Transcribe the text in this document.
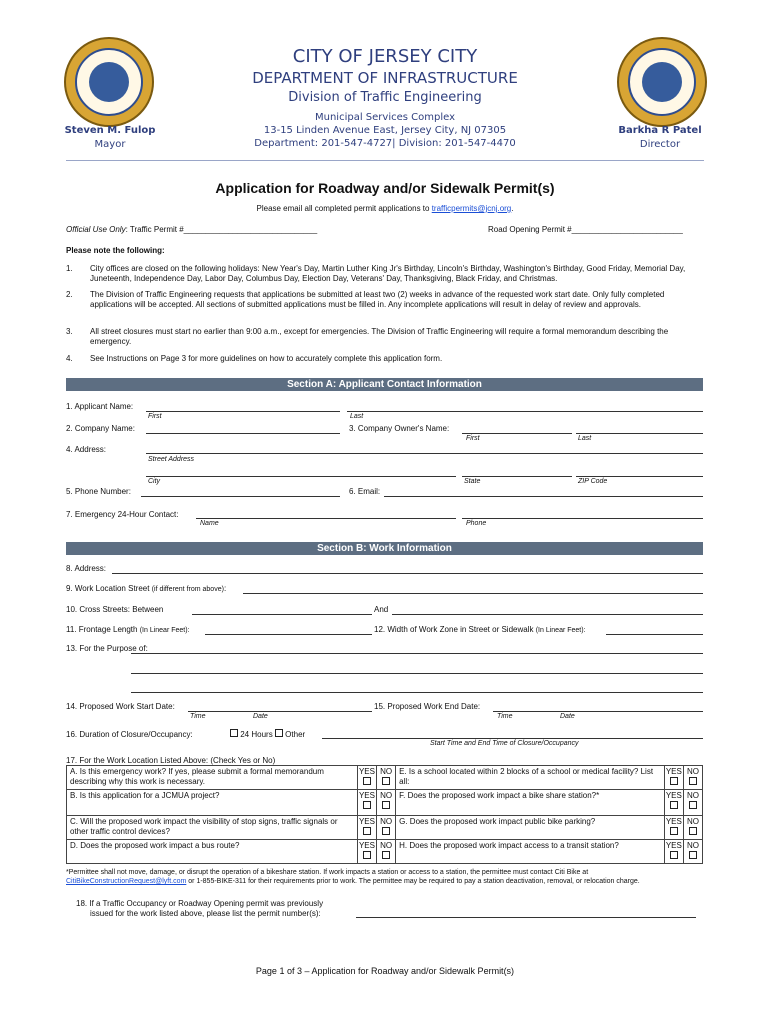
CITY OF JERSEY CITY
DEPARTMENT OF INFRASTRUCTURE
Division of Traffic Engineering
Municipal Services Complex
13-15 Linden Avenue East, Jersey City, NJ 07305
Department: 201-547-4727| Division: 201-547-4470
Steven M. Fulop
Mayor
Barkha R Patel
Director
Application for Roadway and/or Sidewalk Permit(s)
Please email all completed permit applications to trafficpermits@jcnj.org.
Official Use Only: Traffic Permit #______________________________	Road Opening Permit #_________________________
Please note the following:
1. City offices are closed on the following holidays: New Year's Day, Martin Luther King Jr's Birthday, Lincoln's Birthday, Washington's Birthday, Good Friday, Memorial Day, Juneteenth, Independence Day, Labor Day, Columbus Day, Election Day, Veterans' Day, Thanksgiving, Black Friday, and Christmas.
2. The Division of Traffic Engineering requests that applications be submitted at least two (2) weeks in advance of the requested work start date. Only fully completed applications will be accepted. All sections of submitted applications must be filled in. Any incomplete applications will result in delay of review and approvals.
3. All street closures must start no earlier than 9:00 a.m., except for emergencies. The Division of Traffic Engineering will require a formal memorandum describing the emergency.
4. See Instructions on Page 3 for more guidelines on how to accurately complete this application form.
Section A: Applicant Contact Information
1. Applicant Name:
First	Last
2. Company Name:	3. Company Owner's Name:
First	Last
4. Address:
Street Address
City	State	ZIP Code
5. Phone Number:	6. Email:
7. Emergency 24-Hour Contact:
Name	Phone
Section B: Work Information
8. Address:
9. Work Location Street (if different from above):
10. Cross Streets: Between	And
11. Frontage Length (In Linear Feet):	12. Width of Work Zone in Street or Sidewalk (In Linear Feet):
13. For the Purpose of:
14. Proposed Work Start Date:
Time	Date
15. Proposed Work End Date:
Time	Date
16. Duration of Closure/Occupancy:	24 Hours Other
Start Time and End Time of Closure/Occupancy
17. For the Work Location Listed Above: (Check Yes or No)
A. Is this emergency work? If yes, please submit a formal memorandum describing why this work is necessary.	YES	NO	E. Is a school located within 2 blocks of a school or medical facility? List all:	YES	NO

B. Is this application for a JCMUA project?	YES	NO	F. Does the proposed work impact a bike share station?*	YES	NO

C. Will the proposed work impact the visibility of stop signs, traffic signals or other traffic control devices?	YES	NO	G. Does the proposed work impact public bike parking?	YES	NO

D. Does the proposed work impact a bus route?	YES	NO	H. Does the proposed work impact access to a transit station?	YES	NO
*Permittee shall not move, damage, or disrupt the operation of a bikeshare station. If work impacts a station or access to a station, the permittee must contact Citi Bike at
CitiBikeConstructionRequest@lyft.com or 1-855-BIKE-311 for their requirements prior to work. The permittee may be required to pay a station deactivation, removal, or relocation charge.
18. If a Traffic Occupancy or Roadway Opening permit was previously
issued for the work listed above, please list the permit number(s):
Page 1 of 3 – Application for Roadway and/or Sidewalk Permit(s)
